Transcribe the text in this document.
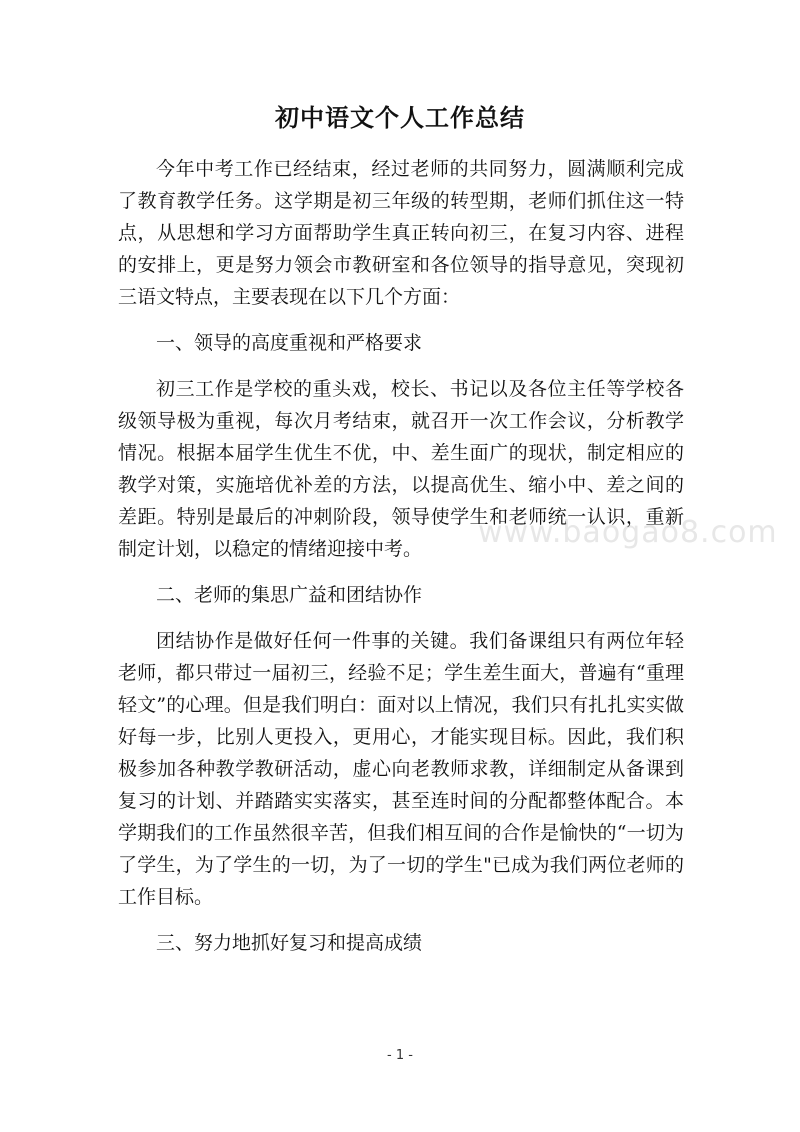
初中语文个人工作总结

今年中考工作已经结束，经过老师的共同努力，圆满顺利完成了教育教学任务。这学期是初三年级的转型期，老师们抓住这一特点，从思想和学习方面帮助学生真正转向初三，在复习内容、进程的安排上，更是努力领会市教研室和各位领导的指导意见，突现初三语文特点，主要表现在以下几个方面：

一、领导的高度重视和严格要求

初三工作是学校的重头戏，校长、书记以及各位主任等学校各级领导极为重视，每次月考结束，就召开一次工作会议，分析教学情况。根据本届学生优生不优，中、差生面广的现状，制定相应的教学对策，实施培优补差的方法，以提高优生、缩小中、差之间的差距。特别是最后的冲刺阶段，领导使学生和老师统一认识，重新制定计划，以稳定的情绪迎接中考。

二、老师的集思广益和团结协作

团结协作是做好任何一件事的关键。我们备课组只有两位年轻老师，都只带过一届初三，经验不足；学生差生面大，普遍有“重理轻文”的心理。但是我们明白：面对以上情况，我们只有扎扎实实做好每一步，比别人更投入，更用心，才能实现目标。因此，我们积极参加各种教学教研活动，虚心向老教师求教，详细制定从备课到复习的计划、并踏踏实实落实，甚至连时间的分配都整体配合。本学期我们的工作虽然很辛苦，但我们相互间的合作是愉快的“一切为了学生，为了学生的一切，为了一切的学生"已成为我们两位老师的工作目标。

三、努力地抓好复习和提高成绩

www.baogao8.com
- 1 -
